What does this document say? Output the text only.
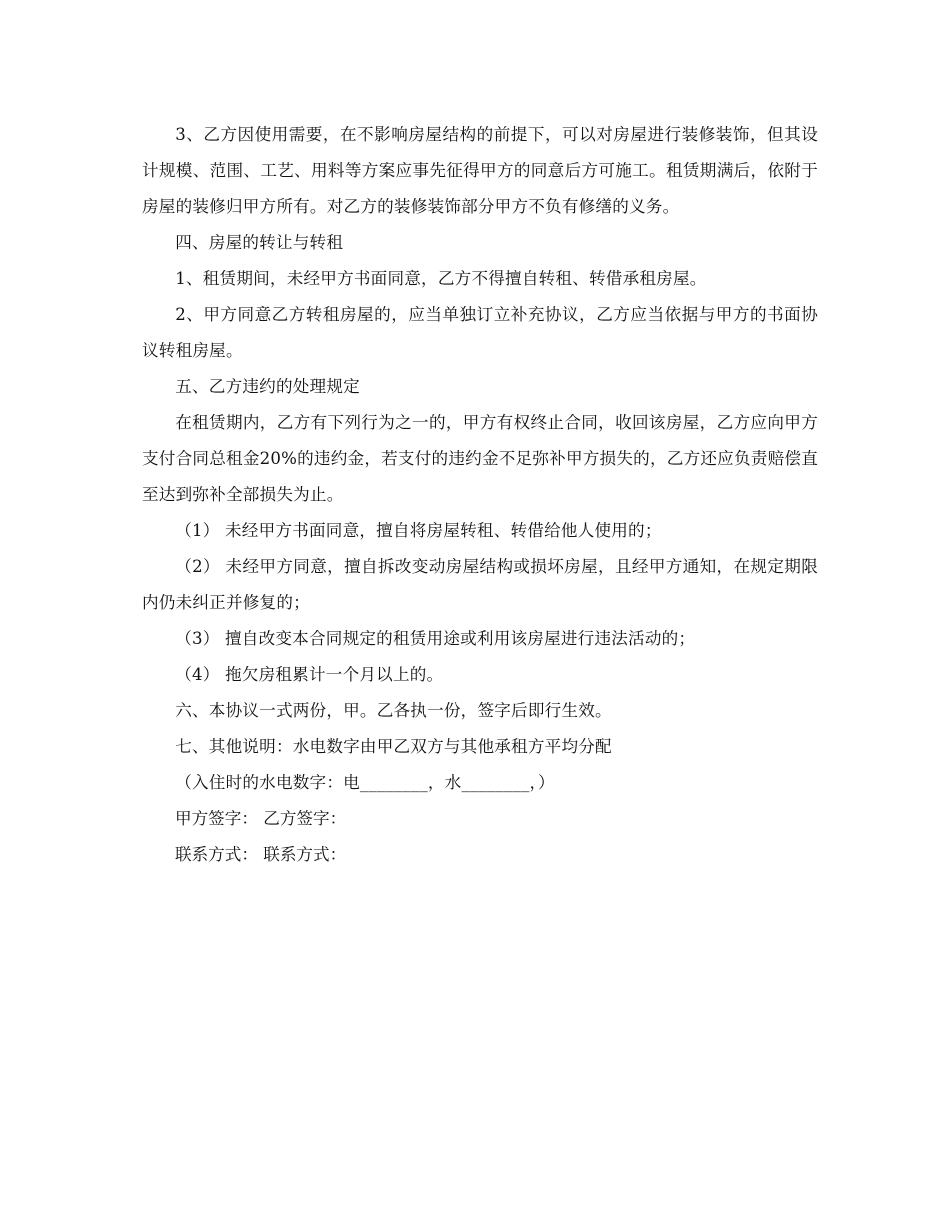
3、乙方因使用需要，在不影响房屋结构的前提下，可以对房屋进行装修装饰，但其设计规模、范围、工艺、用料等方案应事先征得甲方的同意后方可施工。租赁期满后，依附于房屋的装修归甲方所有。对乙方的装修装饰部分甲方不负有修缮的义务。

四、房屋的转让与转租

1、租赁期间，未经甲方书面同意，乙方不得擅自转租、转借承租房屋。

2、甲方同意乙方转租房屋的，应当单独订立补充协议，乙方应当依据与甲方的书面协议转租房屋。

五、乙方违约的处理规定

在租赁期内，乙方有下列行为之一的，甲方有权终止合同，收回该房屋，乙方应向甲方支付合同总租金20%的违约金，若支付的违约金不足弥补甲方损失的，乙方还应负责赔偿直至达到弥补全部损失为止。

（1） 未经甲方书面同意，擅自将房屋转租、转借给他人使用的；

（2） 未经甲方同意，擅自拆改变动房屋结构或损坏房屋，且经甲方通知，在规定期限内仍未纠正并修复的；

（3） 擅自改变本合同规定的租赁用途或利用该房屋进行违法活动的；

（4） 拖欠房租累计一个月以上的。

六、本协议一式两份，甲。乙各执一份，签字后即行生效。

七、其他说明：水电数字由甲乙双方与其他承租方平均分配

（入住时的水电数字：电________，水________，）

甲方签字： 乙方签字：

联系方式： 联系方式：
